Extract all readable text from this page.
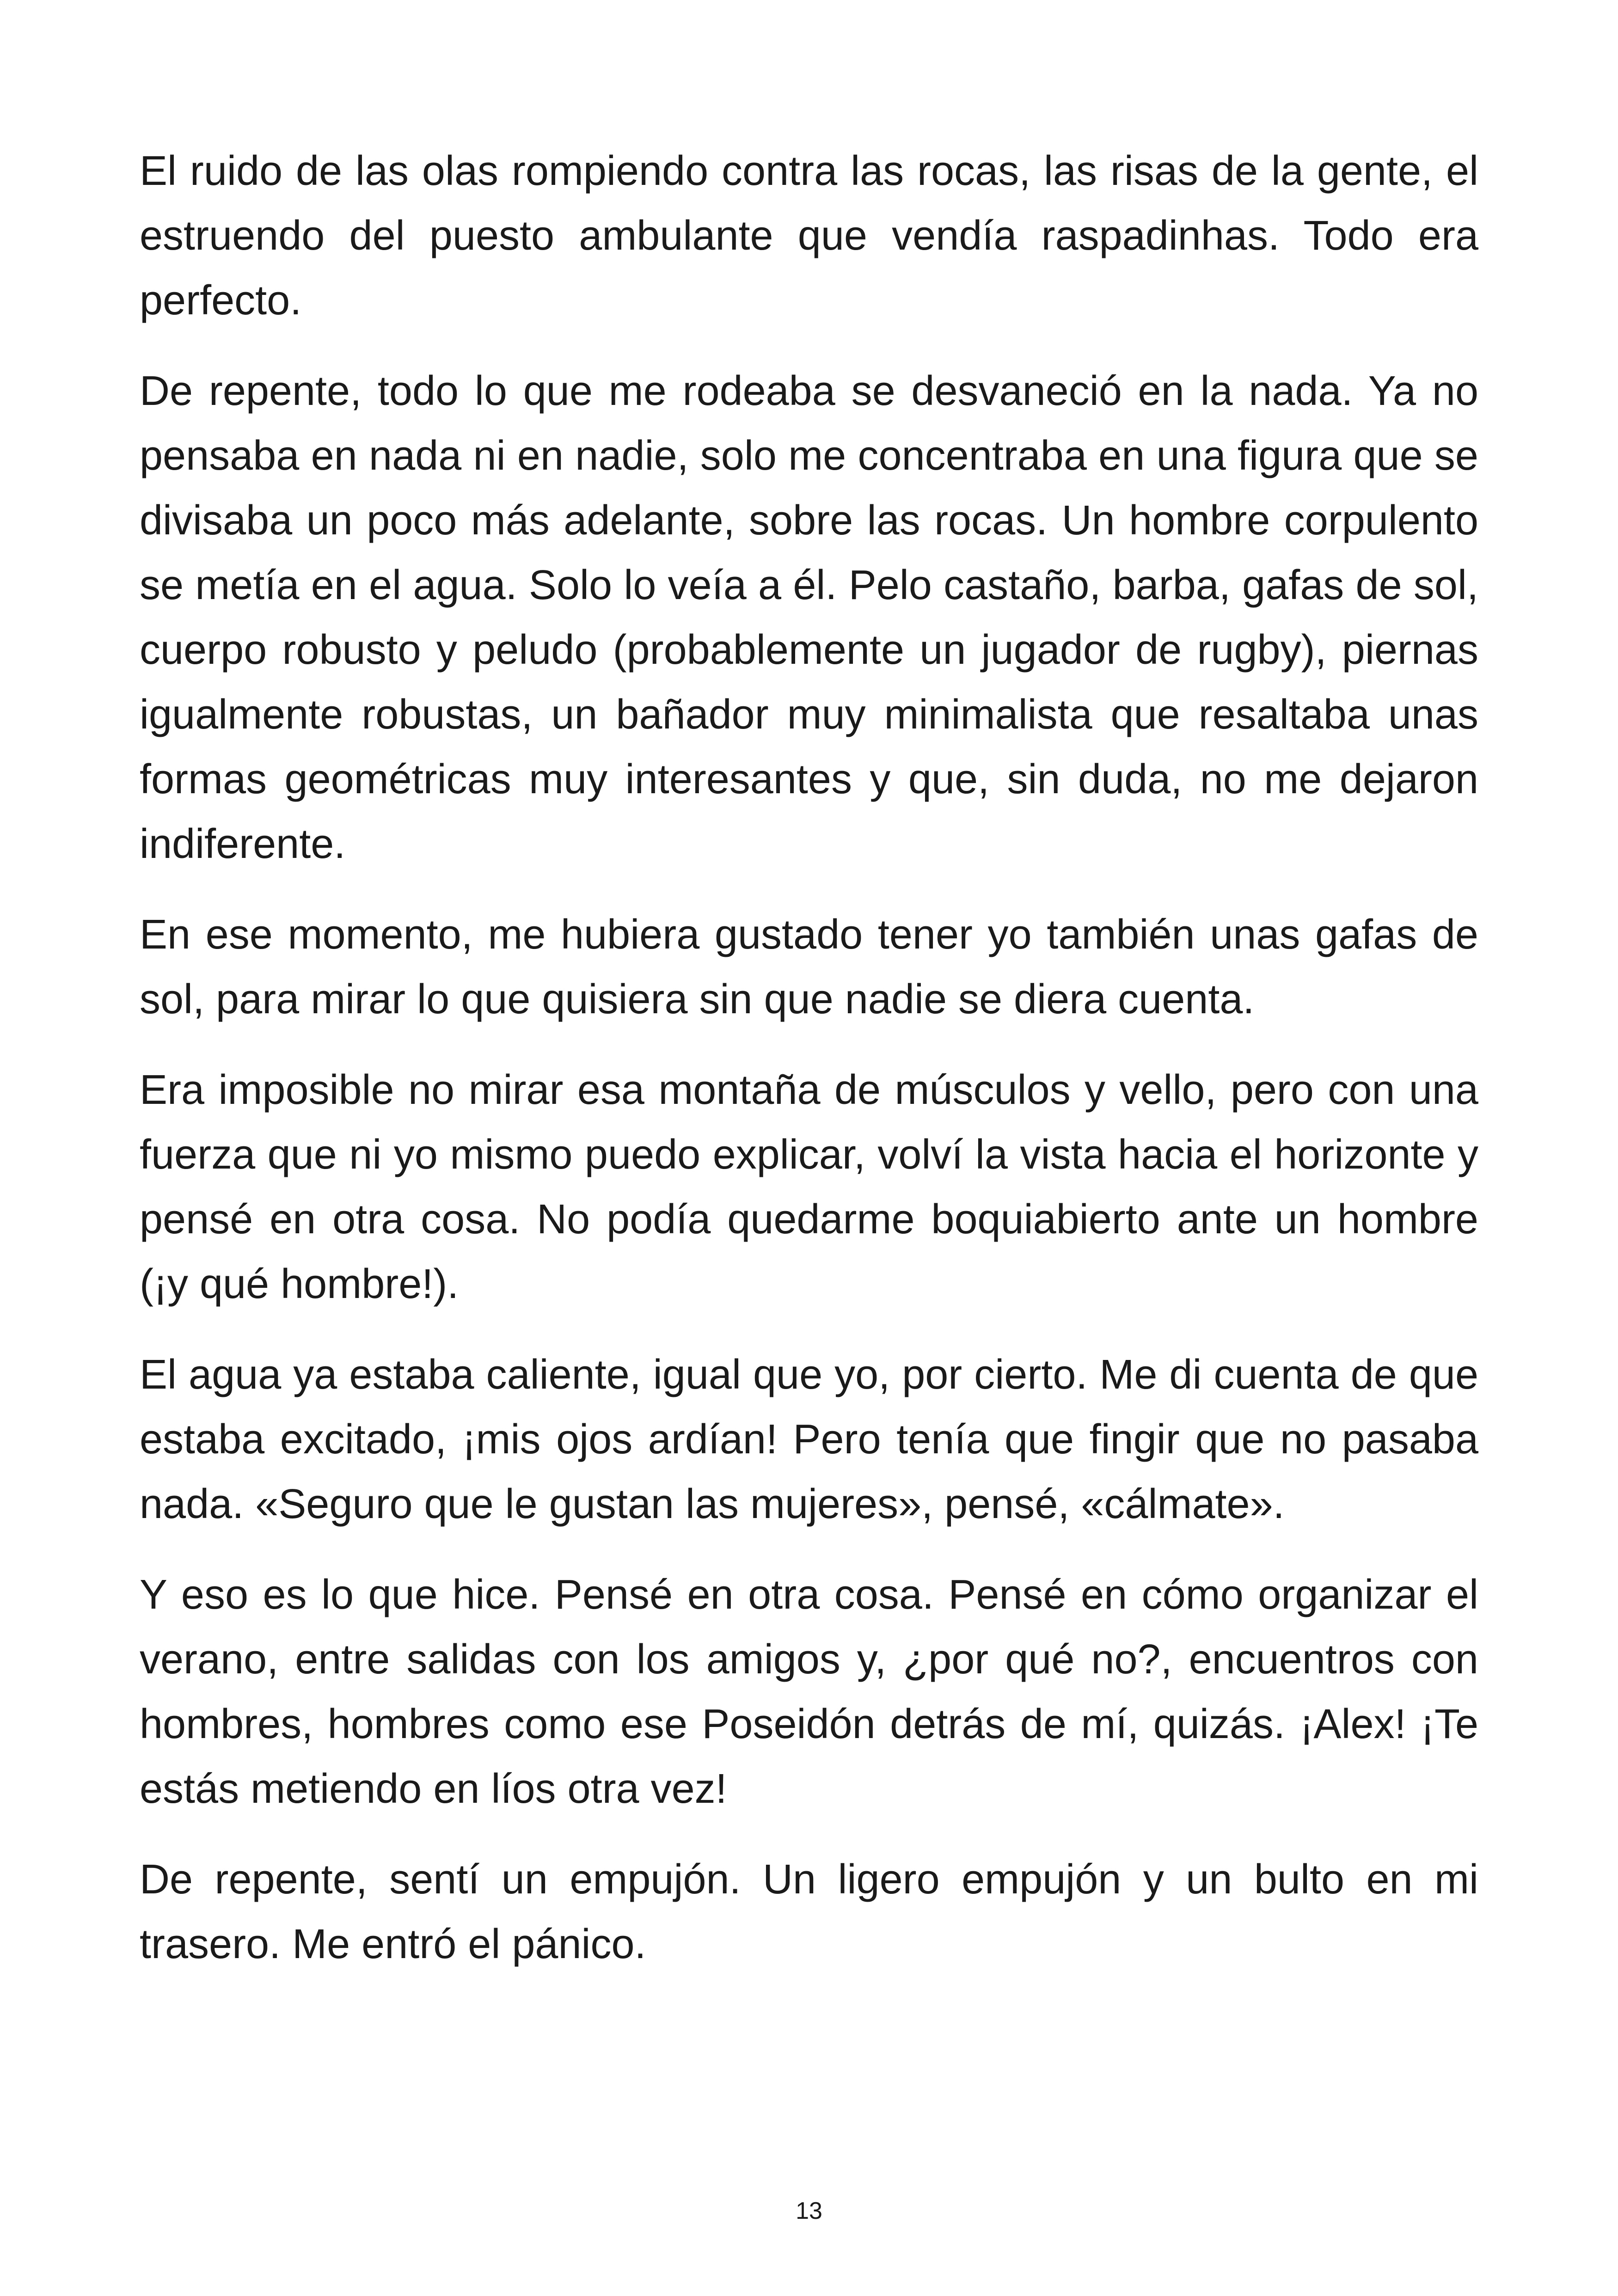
El ruido de las olas rompiendo contra las rocas, las risas de la gente, el estruendo del puesto ambulante que vendía raspadinhas. Todo era perfecto.

De repente, todo lo que me rodeaba se desvaneció en la nada. Ya no pensaba en nada ni en nadie, solo me concentraba en una figura que se divisaba un poco más adelante, sobre las rocas. Un hombre corpulento se metía en el agua. Solo lo veía a él. Pelo castaño, barba, gafas de sol, cuerpo robusto y peludo (probablemente un jugador de rugby), piernas igualmente robustas, un bañador muy minimalista que resaltaba unas formas geométricas muy interesantes y que, sin duda, no me dejaron indiferente.

En ese momento, me hubiera gustado tener yo también unas gafas de sol, para mirar lo que quisiera sin que nadie se diera cuenta.

Era imposible no mirar esa montaña de músculos y vello, pero con una fuerza que ni yo mismo puedo explicar, volví la vista hacia el horizonte y pensé en otra cosa. No podía quedarme boquiabierto ante un hombre (¡y qué hombre!).

El agua ya estaba caliente, igual que yo, por cierto. Me di cuenta de que estaba excitado, ¡mis ojos ardían! Pero tenía que fingir que no pasaba nada. «Seguro que le gustan las mujeres», pensé, «cálmate».

Y eso es lo que hice. Pensé en otra cosa. Pensé en cómo organizar el verano, entre salidas con los amigos y, ¿por qué no?, encuentros con hombres, hombres como ese Poseidón detrás de mí, quizás. ¡Alex! ¡Te estás metiendo en líos otra vez!

De repente, sentí un empujón. Un ligero empujón y un bulto en mi trasero. Me entró el pánico.

13
